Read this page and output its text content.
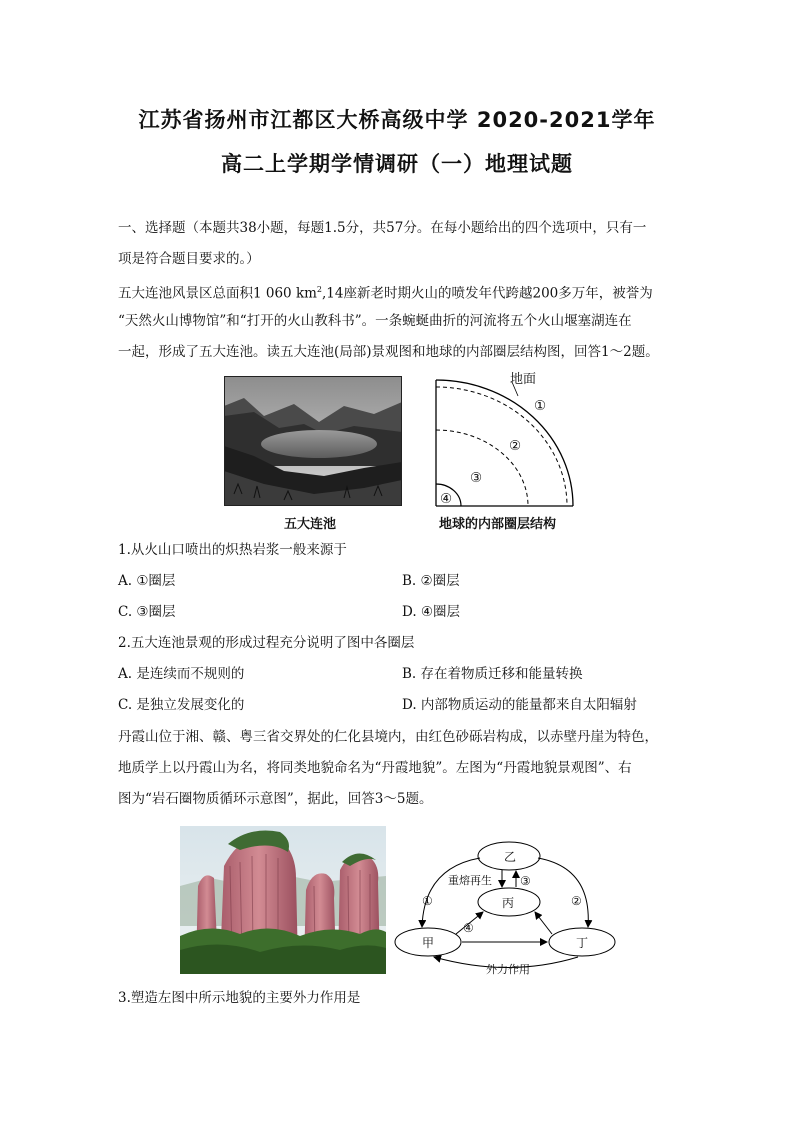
江苏省扬州市江都区大桥高级中学 2020-2021学年
高二上学期学情调研（一）地理试题
一、选择题（本题共38小题，每题1.5分，共57分。在每小题给出的四个选项中，只有一
项是符合题目要求的。）
五大连池风景区总面积1 060 $km^2,14$座新老时期火山的喷发年代跨越200多万年，被誉为
“天然火山博物馆”和“打开的火山教科书”。一条蜿蜒曲折的河流将五个火山堰塞湖连在
一起，形成了五大连池。读五大连池(局部)景观图和地球的内部圈层结构图，回答1～2题。
五大连池
地面
①
②
③
④
地球的内部圈层结构
1.从火山口喷出的炽热岩浆一般来源于
A. ①圈层	B. ②圈层
C. ③圈层	D. ④圈层
2.五大连池景观的形成过程充分说明了图中各圈层
A. 是连续而不规则的	B. 存在着物质迁移和能量转换
C. 是独立发展变化的	D. 内部物质运动的能量都来自太阳辐射
丹霞山位于湘、赣、粤三省交界处的仁化县境内，由红色砂砾岩构成，以赤壁丹崖为特色，
地质学上以丹霞山为名，将同类地貌命名为“丹霞地貌”。左图为“丹霞地貌景观图”、右
图为“岩石圈物质循环示意图”，据此，回答3～5题。
乙
丙
甲	丁
重熔再生
外力作用
①	②
③
④
3.塑造左图中所示地貌的主要外力作用是
